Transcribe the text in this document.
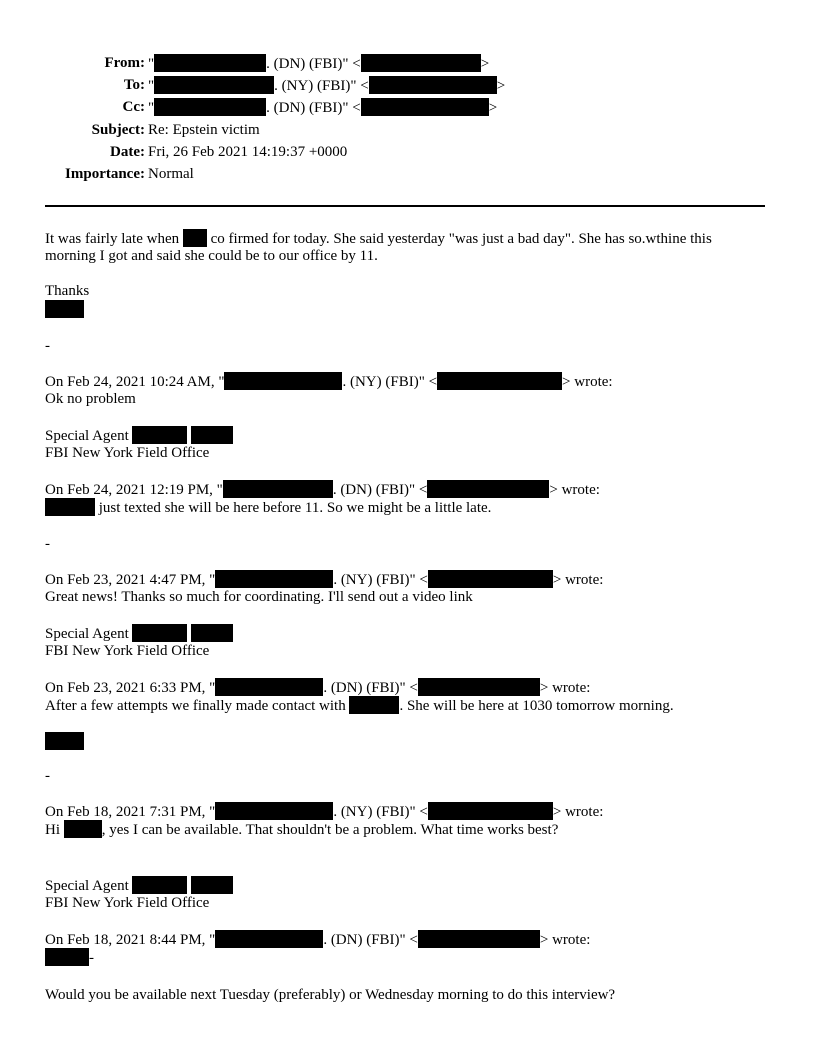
From: "	. (DN) (FBI)" <	>
To: "	. (NY) (FBI)" <	>
Cc: "	. (DN) (FBI)" <	>
Subject: Re: Epstein victim
Date: Fri, 26 Feb 2021 14:19:37 +0000
Importance: Normal
It was fairly late when  co firmed for today. She said yesterday "was just a bad day". She has so.wthine this
morning I got and said she could be to our office by 11.
Thanks
-
On Feb 24, 2021 10:24 AM, "	. (NY) (FBI)" <	> wrote:
Ok no problem
Special Agent
FBI New York Field Office
On Feb 24, 2021 12:19 PM, "	. (DN) (FBI)" <	> wrote:
just texted she will be here before 11. So we might be a little late.
-
On Feb 23, 2021 4:47 PM, "	. (NY) (FBI)" <	> wrote:
Great news! Thanks so much for coordinating. I'll send out a video link
Special Agent
FBI New York Field Office
On Feb 23, 2021 6:33 PM, "	. (DN) (FBI)" <	> wrote:
After a few attempts we finally made contact with	. She will be here at 1030 tomorrow morning.
-
On Feb 18, 2021 7:31 PM, "	. (NY) (FBI)" <	> wrote:
Hi	, yes I can be available. That shouldn't be a problem. What time works best?
Special Agent
FBI New York Field Office
On Feb 18, 2021 8:44 PM, "	. (DN) (FBI)" <	> wrote:
-
Would you be available next Tuesday (preferably) or Wednesday morning to do this interview?
